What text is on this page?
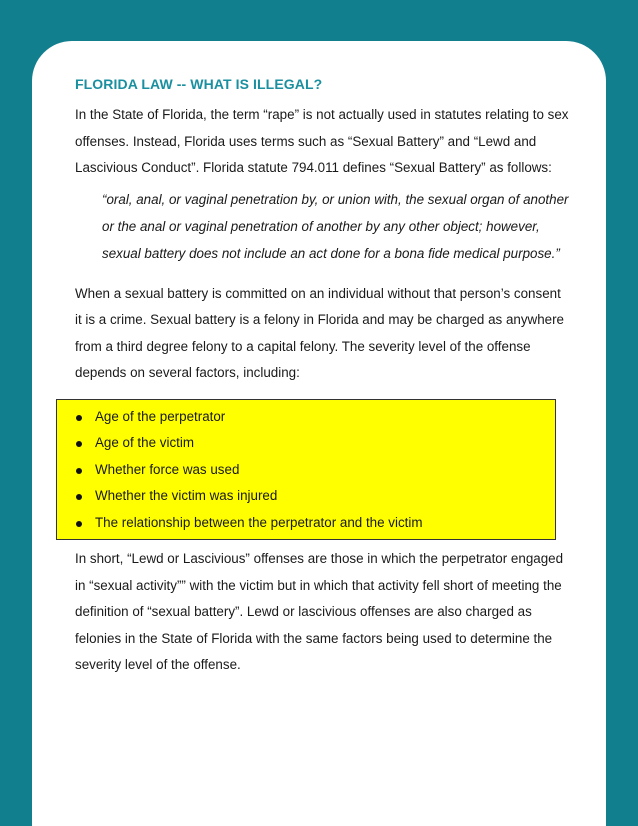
FLORIDA LAW -- WHAT IS ILLEGAL?

In the State of Florida, the term “rape” is not actually used in statutes relating to sex offenses. Instead, Florida uses terms such as “Sexual Battery” and “Lewd and Lascivious Conduct”. Florida statute 794.011 defines “Sexual Battery” as follows:

“oral, anal, or vaginal penetration by, or union with, the sexual organ of another or the anal or vaginal penetration of another by any other object; however, sexual battery does not include an act done for a bona fide medical purpose.”

When a sexual battery is committed on an individual without that person’s consent it is a crime. Sexual battery is a felony in Florida and may be charged as anywhere from a third degree felony to a capital felony. The severity level of the offense depends on several factors, including:

Age of the perpetrator
Age of the victim
Whether force was used
Whether the victim was injured
The relationship between the perpetrator and the victim

In short, “Lewd or Lascivious” offenses are those in which the perpetrator engaged in “sexual activity”” with the victim but in which that activity fell short of meeting the definition of “sexual battery”. Lewd or lascivious offenses are also charged as felonies in the State of Florida with the same factors being used to determine the severity level of the offense.
